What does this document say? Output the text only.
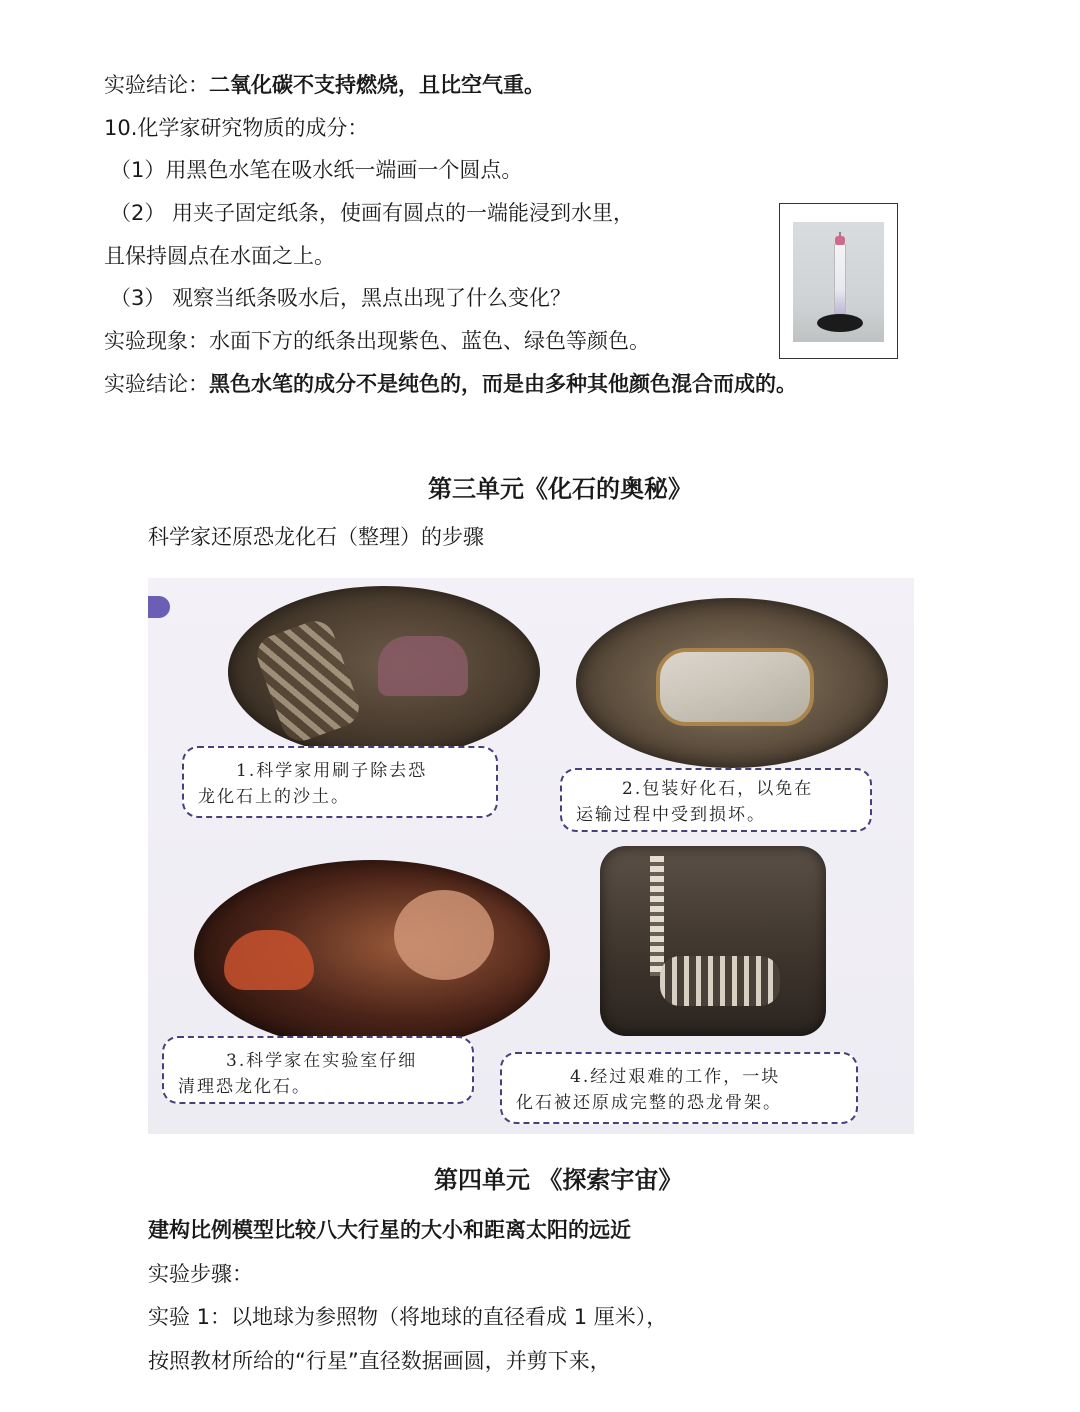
实验结论：二氧化碳不支持燃烧，且比空气重。
10.化学家研究物质的成分：
（1）用黑色水笔在吸水纸一端画一个圆点。
（2） 用夹子固定纸条，使画有圆点的一端能浸到水里，
且保持圆点在水面之上。
（3） 观察当纸条吸水后，黑点出现了什么变化？
实验现象：水面下方的纸条出现紫色、蓝色、绿色等颜色。
实验结论：黑色水笔的成分不是纯色的，而是由多种其他颜色混合而成的。
第三单元《化石的奥秘》
科学家还原恐龙化石（整理）的步骤
1.科学家用刷子除去恐
龙化石上的沙土。	2.包装好化石，以免在
运输过程中受到损坏。
3.科学家在实验室仔细
清理恐龙化石。	4.经过艰难的工作，一块
化石被还原成完整的恐龙骨架。
第四单元 《探索宇宙》
建构比例模型比较八大行星的大小和距离太阳的远近
实验步骤：
实验 1：以地球为参照物（将地球的直径看成 1 厘米），
按照教材所给的“行星”直径数据画圆，并剪下来，
